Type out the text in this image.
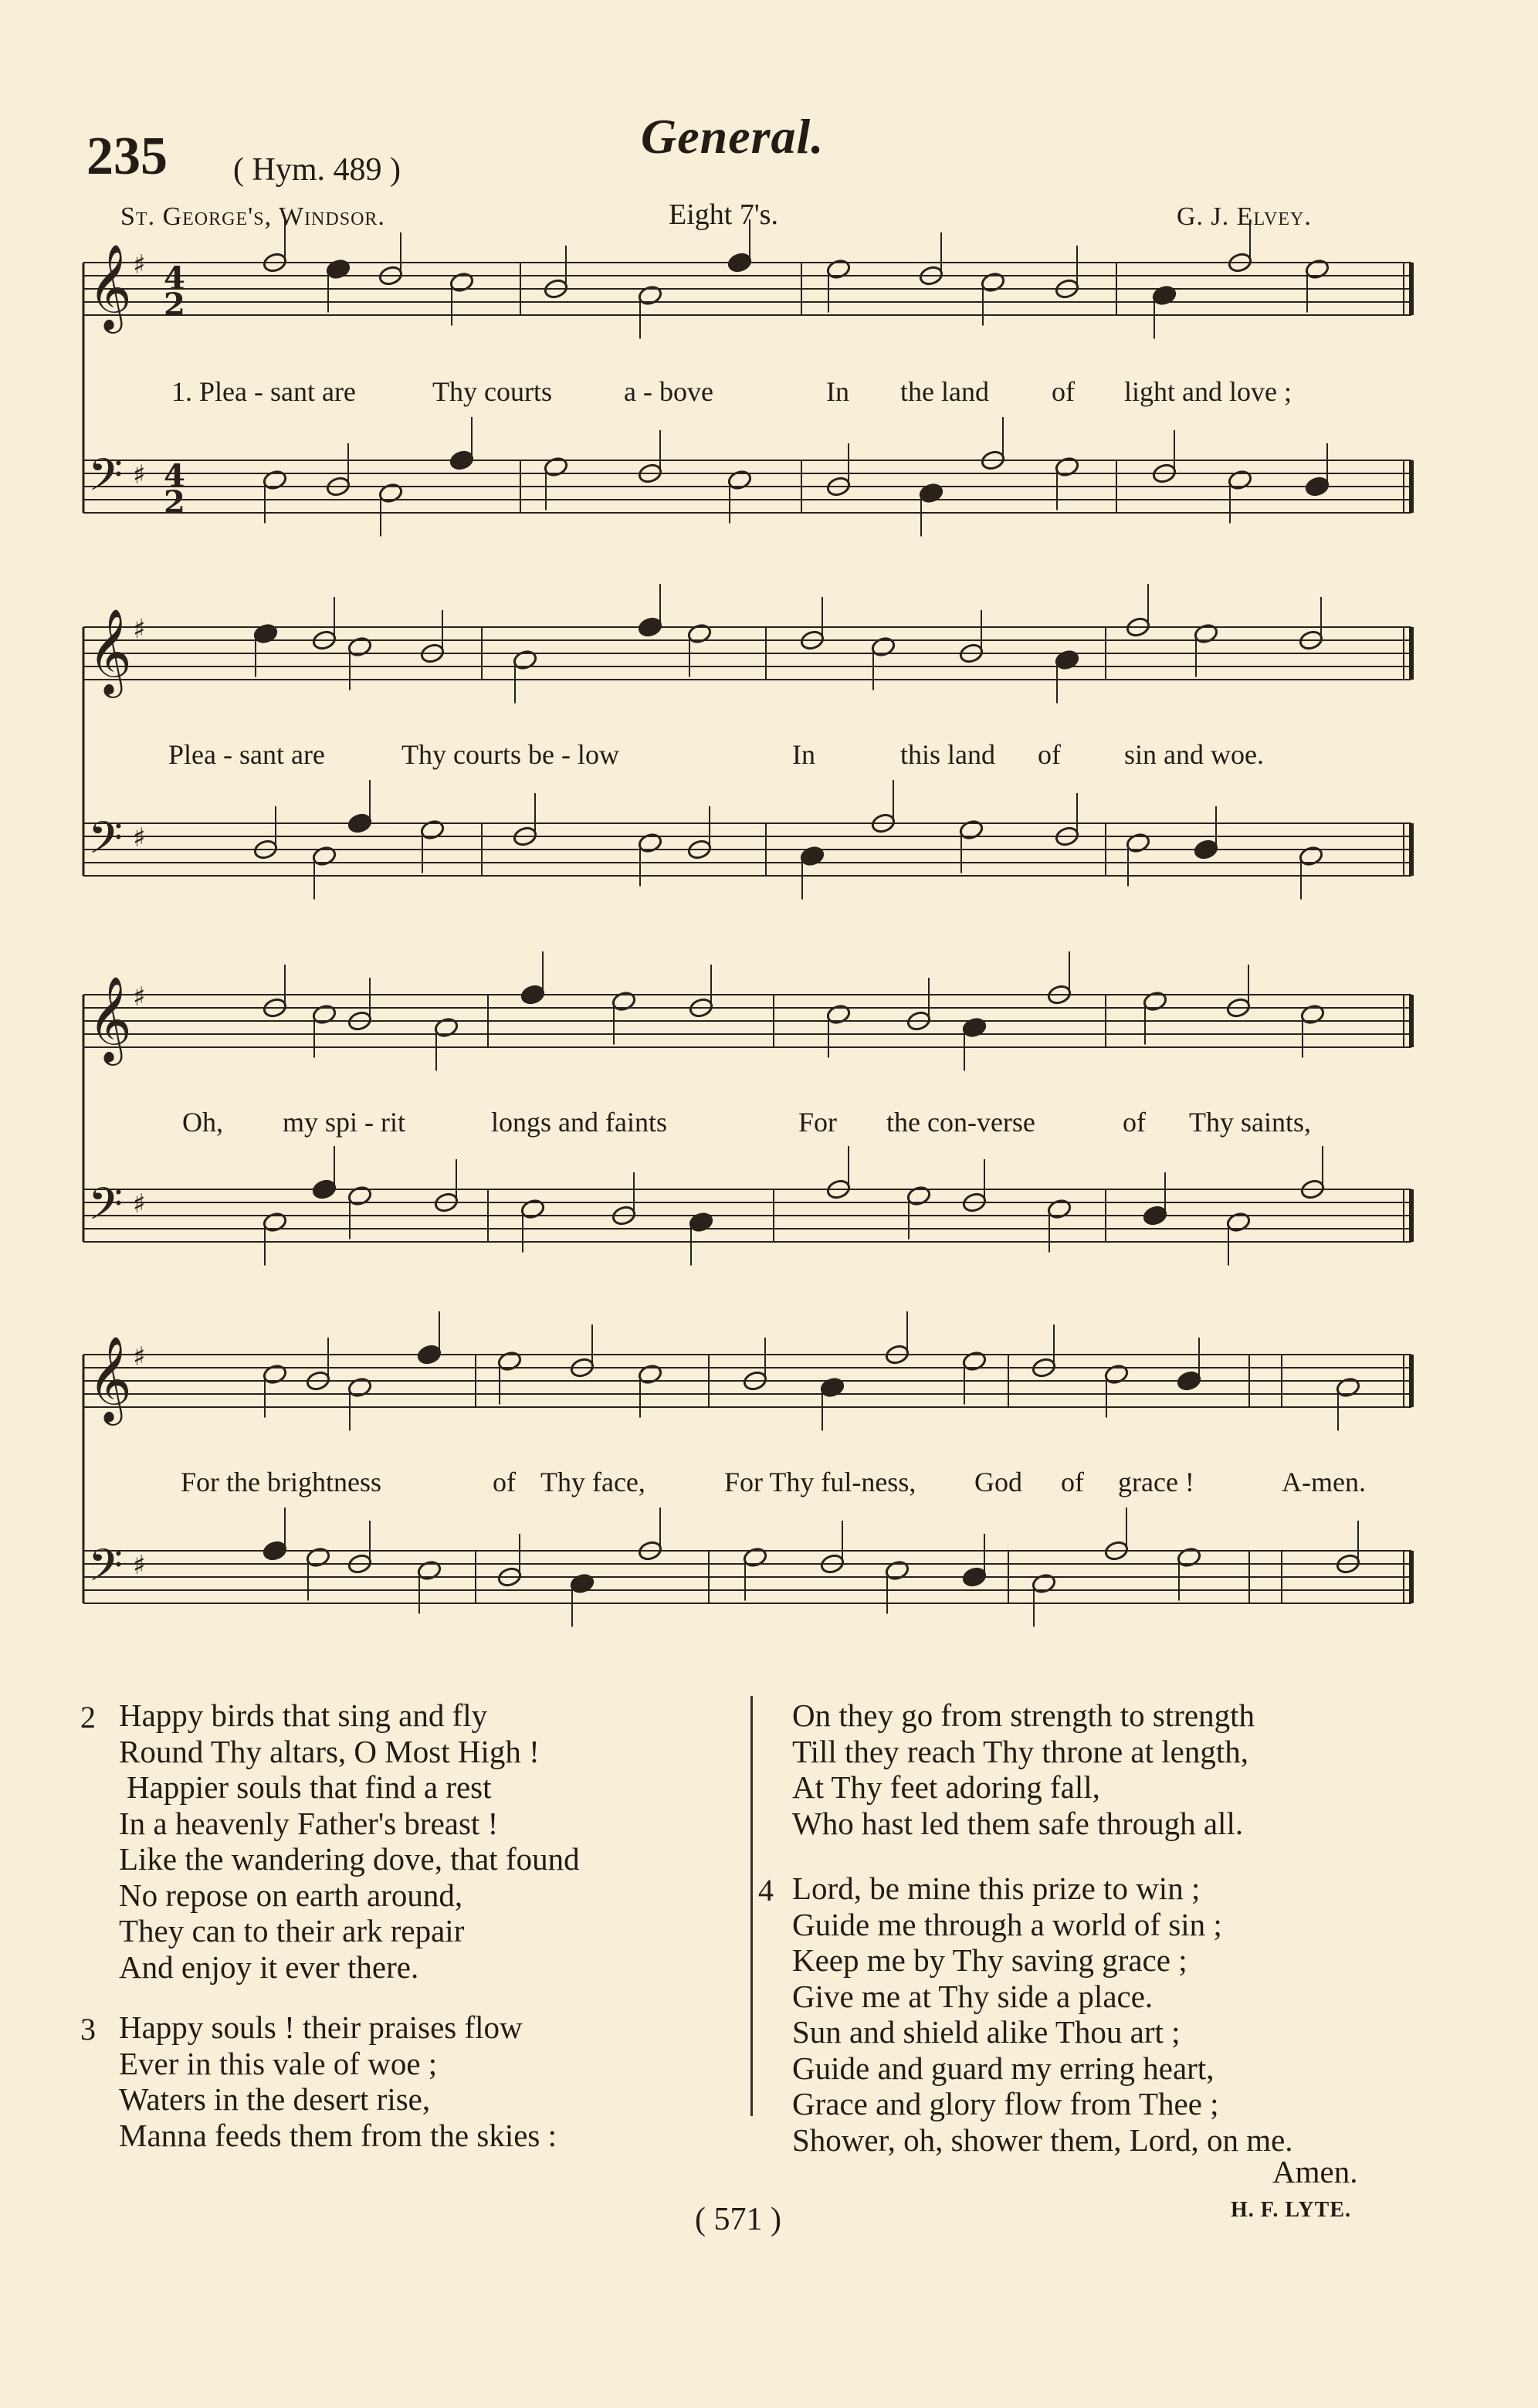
235 ( Hym. 489 )
General.
St. George's, Windsor.	Eight 7's.	G. J. Elvey.
𝄞 ♯
𝄢 ♯
𝄞 ♯
𝄢 ♯
𝄞 ♯
𝄢 ♯
𝄞 ♯
𝄢 ♯
4
2
4
2
1. Plea - sant are	Thy courts	a - bove	In the land of light and love ;
Plea - sant are	Thy courts be - low	In	this land of sin and woe.
Oh, my spi - rit	longs and faints	For the con-verse	of Thy saints,
For the brightness	of Thy face,	For Thy ful-ness, God of grace !	A-men.
2 Happy birds that sing and fly
Round Thy altars, O Most High !
Happier souls that find a rest
In a heavenly Father's breast !
Like the wandering dove, that found
No repose on earth around,
They can to their ark repair
And enjoy it ever there.
3 Happy souls ! their praises flow
Ever in this vale of woe ;
Waters in the desert rise,
Manna feeds them from the skies :
On they go from strength to strength
Till they reach Thy throne at length,
At Thy feet adoring fall,
Who hast led them safe through all.
4 Lord, be mine this prize to win ;
Guide me through a world of sin ;
Keep me by Thy saving grace ;
Give me at Thy side a place.
Sun and shield alike Thou art ;
Guide and guard my erring heart,
Grace and glory flow from Thee ;
Shower, oh, shower them, Lord, on me.
Amen.
H. F. LYTE.
( 571 )
